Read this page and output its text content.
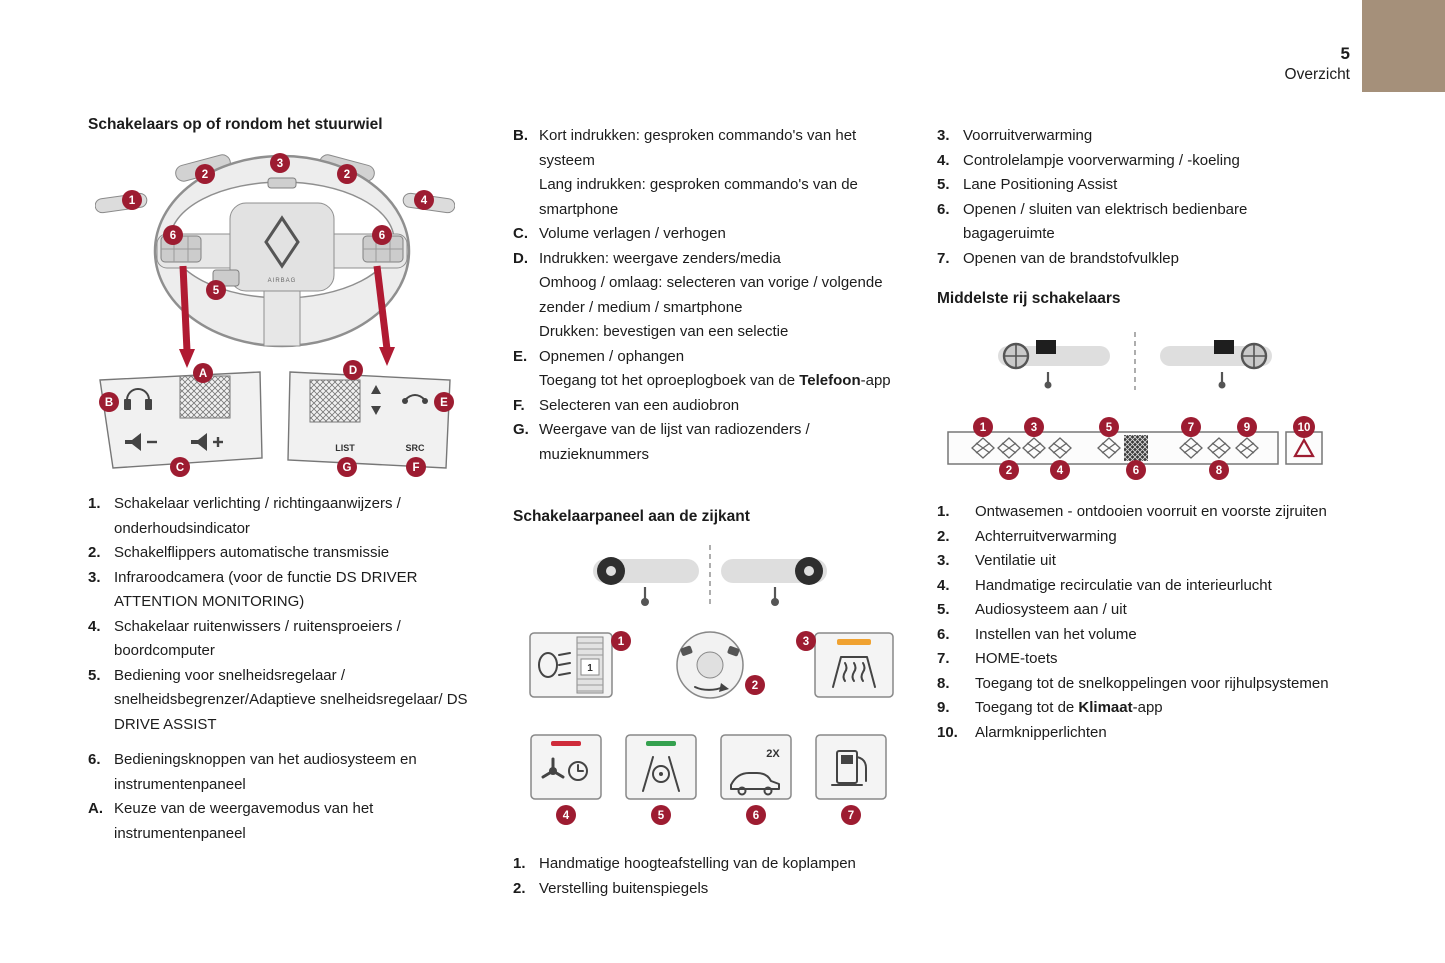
5
Overzicht
Schakelaars op of rondom het stuurwiel
AIRBAG
LIST	SRC
1
2
3
2
4
6	6
5
A
B
C
D
E
F
G
1. Schakelaar verlichting / richtingaanwijzers / onderhoudsindicator
2. Schakelflippers automatische transmissie
3. Infraroodcamera (voor de functie DS DRIVER ATTENTION MONITORING)
4. Schakelaar ruitenwissers / ruitensproeiers / boordcomputer
5. Bediening voor snelheidsregelaar / snelheidsbegrenzer/Adaptieve snelheidsregelaar/ DS DRIVE ASSIST
6. Bedieningsknoppen van het audiosysteem en instrumentenpaneel
A. Keuze van de weergavemodus van het instrumentenpaneel
B. Kort indrukken: gesproken commando's van het systeem
Lang indrukken: gesproken commando's van de smartphone
C. Volume verlagen / verhogen
D. Indrukken: weergave zenders/media
Omhoog / omlaag: selecteren van vorige / volgende zender / medium / smartphone
Drukken: bevestigen van een selectie
E. Opnemen / ophangen
Toegang tot het oproeplogboek van de Telefoon-app
F. Selecteren van een audiobron
G. Weergave van de lijst van radiozenders / muzieknummers
Schakelaarpaneel aan de zijkant
1
2X
1
2
3
4	5	6	7
1. Handmatige hoogteafstelling van de koplampen
2. Verstelling buitenspiegels
3. Voorruitverwarming
4. Controlelampje voorverwarming / -koeling
5. Lane Positioning Assist
6. Openen / sluiten van elektrisch bedienbare bagageruimte
7. Openen van de brandstofvulklep
Middelste rij schakelaars
1	3	5	7	9	10
2	4	6	8
1.	Ontwasemen - ontdooien voorruit en voorste zijruiten
2.	Achterruitverwarming
3.	Ventilatie uit
4.	Handmatige recirculatie van de interieurlucht
5.	Audiosysteem aan / uit
6.	Instellen van het volume
7.	HOME-toets
8.	Toegang tot de snelkoppelingen voor rijhulpsystemen
9.	Toegang tot de Klimaat-app
10.	Alarmknipperlichten
